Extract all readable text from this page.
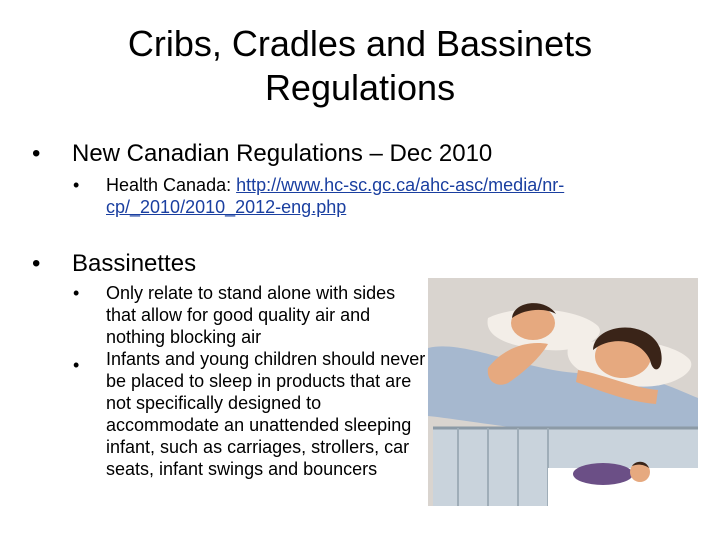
Cribs, Cradles and Bassinets
Regulations
• New Canadian Regulations – Dec 2010
• Health Canada: http://www.hc-sc.gc.ca/ahc-asc/media/nr-
cp/_2010/2010_2012-eng.php
• Bassinettes
•
•
Only relate to stand alone with sides that allow for good quality air and nothing blocking air
Infants and young children should never be placed to sleep in products that are not specifically designed to accommodate an unattended sleeping infant, such as carriages, strollers, car seats, infant swings and bouncers
